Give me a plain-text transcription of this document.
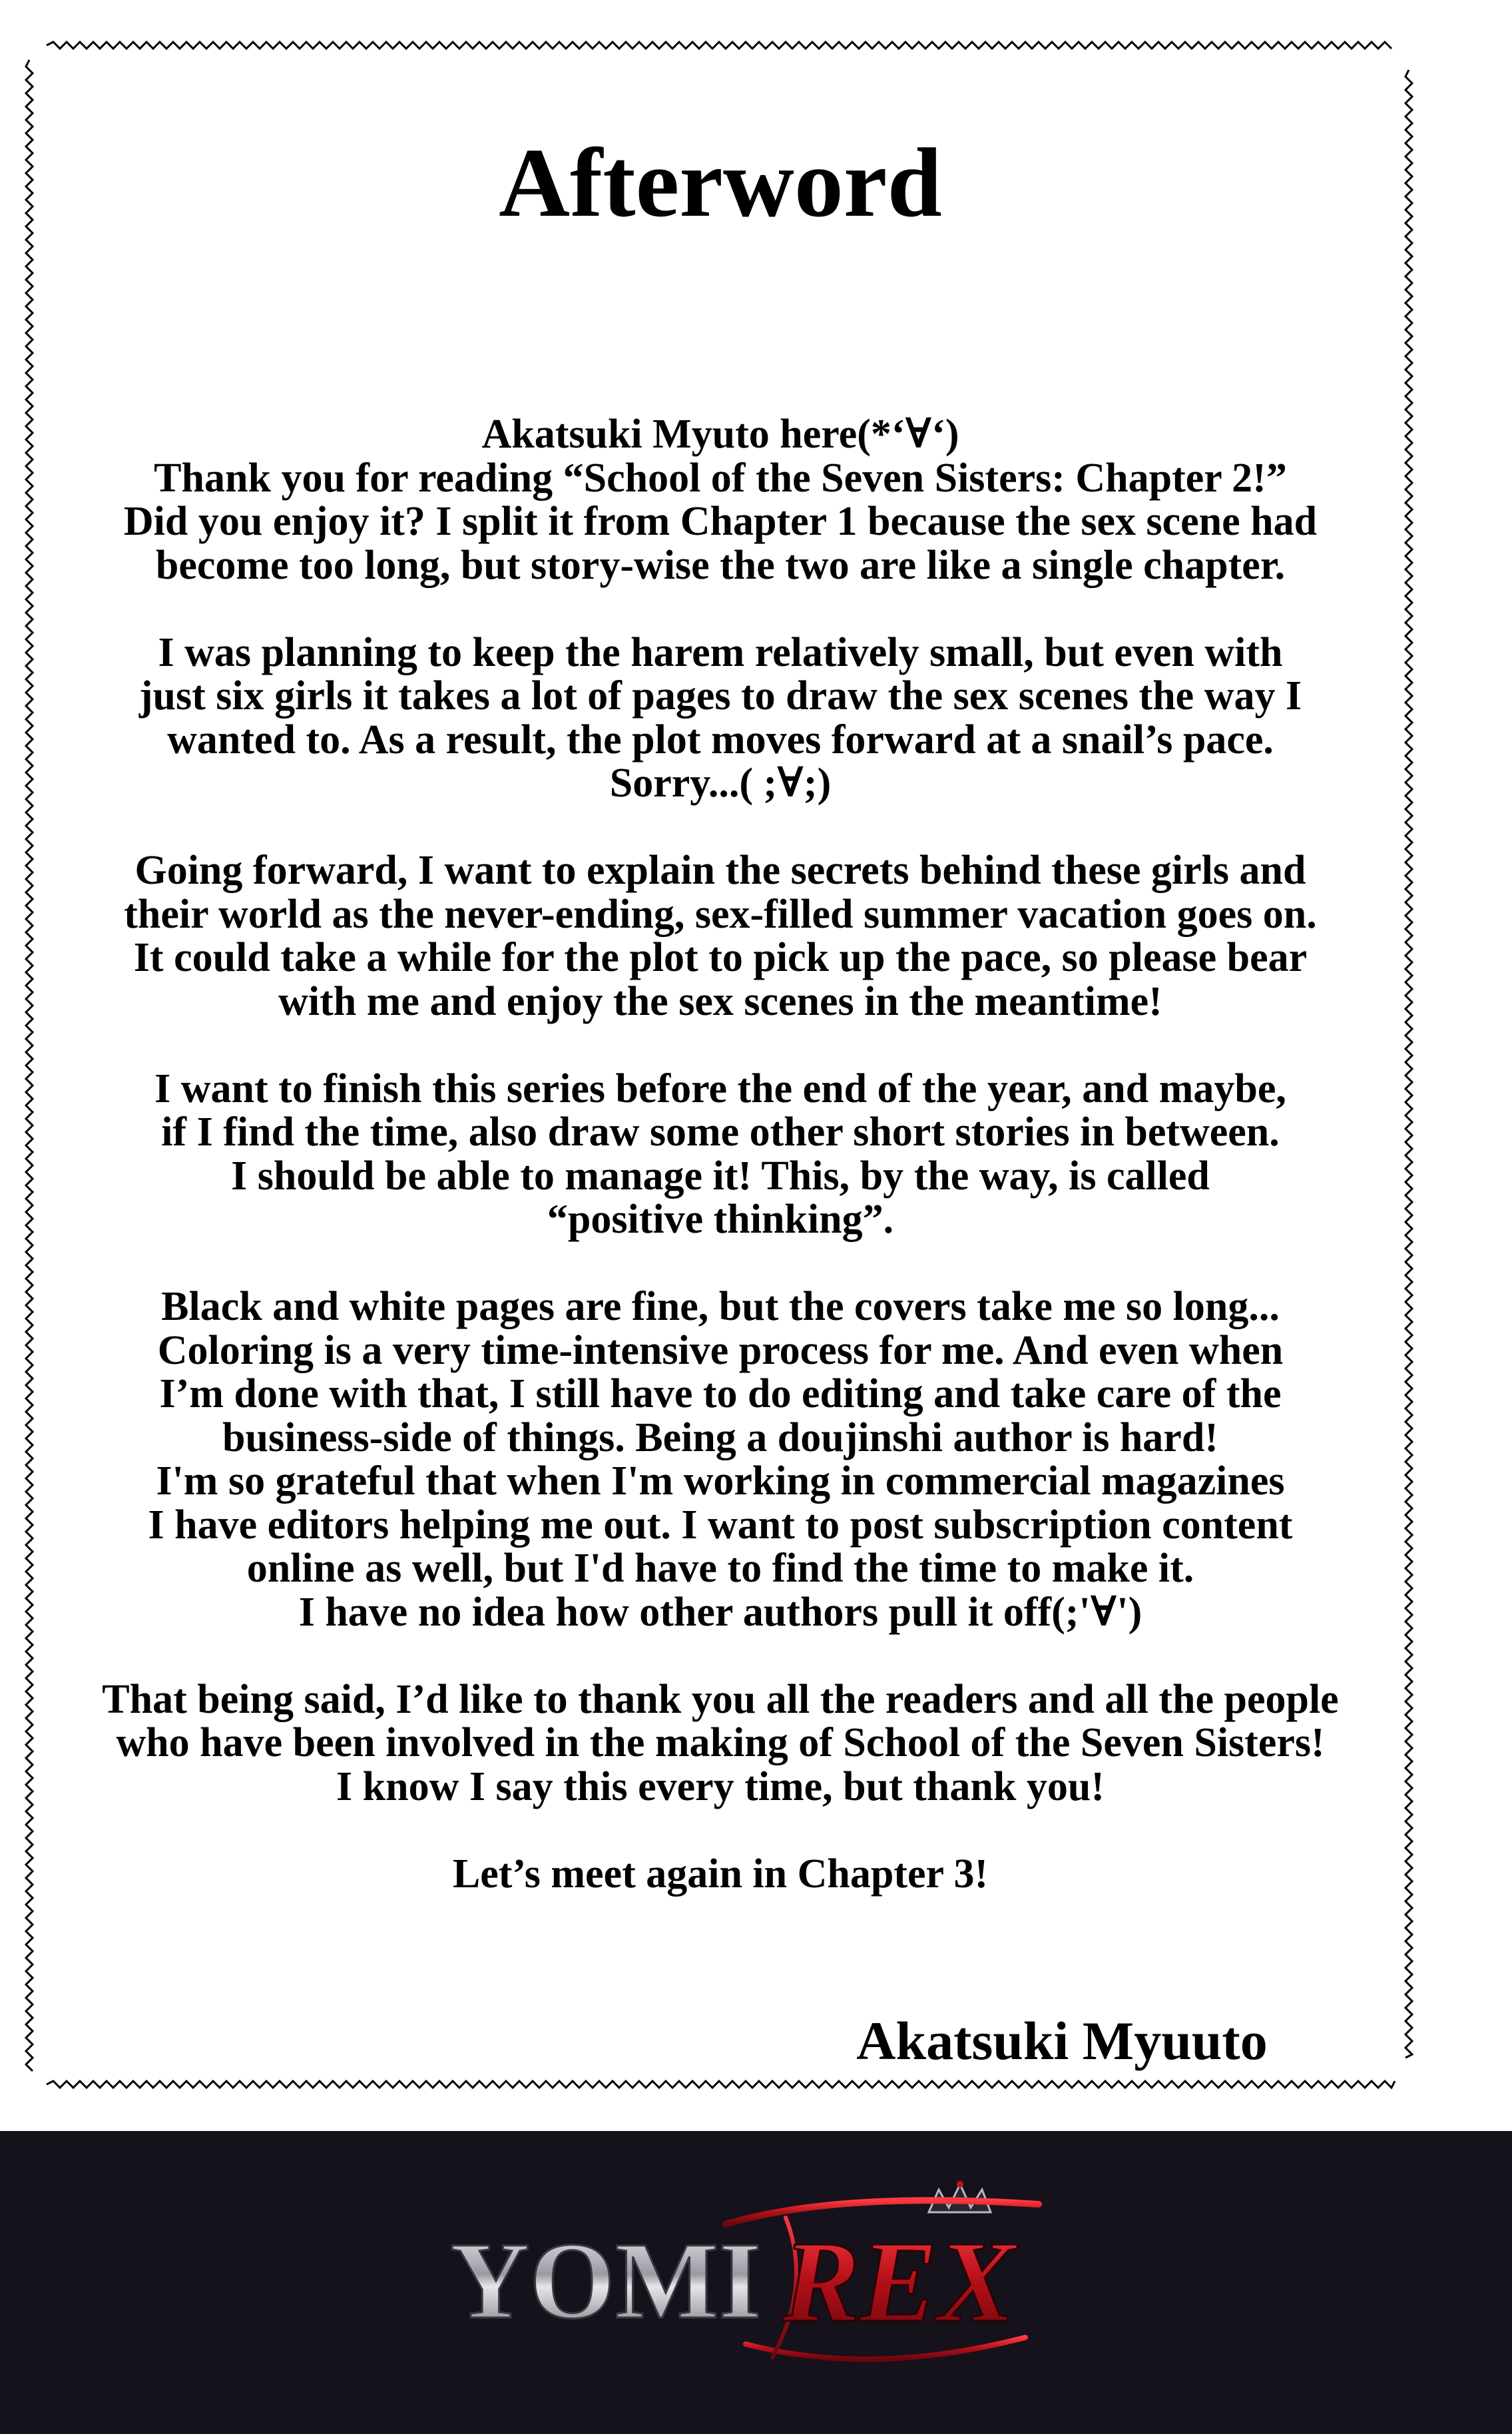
Afterword

Akatsuki Myuto here(*‘∀‘)
Thank you for reading “School of the Seven Sisters: Chapter 2!”
Did you enjoy it? I split it from Chapter 1 because the sex scene had
become too long, but story-wise the two are like a single chapter.

I was planning to keep the harem relatively small, but even with
just six girls it takes a lot of pages to draw the sex scenes the way I
wanted to. As a result, the plot moves forward at a snail’s pace.
Sorry...( ;∀;)

Going forward, I want to explain the secrets behind these girls and
their world as the never-ending, sex-filled summer vacation goes on.
It could take a while for the plot to pick up the pace, so please bear
with me and enjoy the sex scenes in the meantime!

I want to finish this series before the end of the year, and maybe,
if I find the time, also draw some other short stories in between.
I should be able to manage it! This, by the way, is called
“positive thinking”.

Black and white pages are fine, but the covers take me so long...
Coloring is a very time-intensive process for me. And even when
I’m done with that, I still have to do editing and take care of the
business-side of things. Being a doujinshi author is hard!
I'm so grateful that when I'm working in commercial magazines
I have editors helping me out. I want to post subscription content
online as well, but I'd have to find the time to make it.
I have no idea how other authors pull it off(;'∀')

That being said, I’d like to thank you all the readers and all the people
who have been involved in the making of School of the Seven Sisters!
I know I say this every time, but thank you!

Let’s meet again in Chapter 3!

Akatsuki Myuuto
YOMI REX
